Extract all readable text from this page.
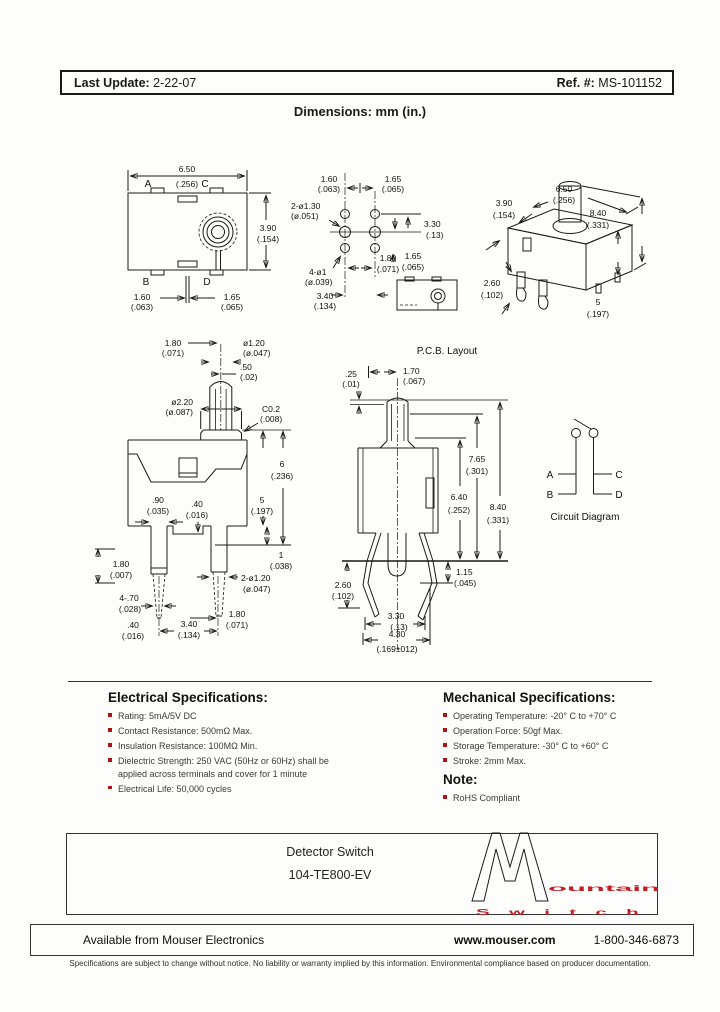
Last Update: 2-22-07	Ref. #: MS-101152
Dimensions: mm (in.)
A	C
B	D
6.50
(.256)
3.90
(.154)
1.60
(.063)
1.65
(.065)
1.60
(.063)
1.65
(.065)
2-ø1.30
(ø.051)
3.30
(.13)
4-ø1
(ø.039)
1.80
(.071)
1.65
(.065)
3.40
(.134)
3.90
(.154)
6.50
(.256)
8.40
(.331)
2.60
(.102)
5
(.197)
1.80
(.071)
ø1.20
(ø.047)
.50
(.02)
ø2.20
(ø.087)	C0.2
(.008)
6
(.236)
.90
(.035)
.40
(.016)
5
(.197)
1.80
(.007)
1
(.038)
2-ø1.20
(ø.047)
4-.70
(.028)	1.80
(.071)
.40
(.016)
3.40
(.134)
P.C.B. Layout
.25
(.01)
1.70
(.067)
7.65
(.301)
6.40
(.252) 8.40
(.331)
1.15
(.045)
2.60
(.102)
3.30
(.13)
4.30
(.169±012)
A
B
C
D
Circuit Diagram
Electrical Specifications:
Rating: 5mA/5V DC
Contact Resistance: 500mΩ Max.
Insulation Resistance: 100MΩ Min.
Dielectric Strength: 250 VAC (50Hz or 60Hz) shall be applied across terminals and cover for 1 minute
Electrical Life: 50,000 cycles
Mechanical Specifications:
Operating Temperature: -20° C to +70° C
Operation Force: 50gf Max.
Storage Temperature: -30° C to +60° C
Stroke: 2mm Max.
Note:
RoHS Compliant
Detector Switch
104-TE800-EV
ountain
Switch
Available from Mouser Electronics	www.mouser.com	1-800-346-6873
Specifications are subject to change without notice. No liability or warranty implied by this information. Environmental compliance based on producer documentation.
